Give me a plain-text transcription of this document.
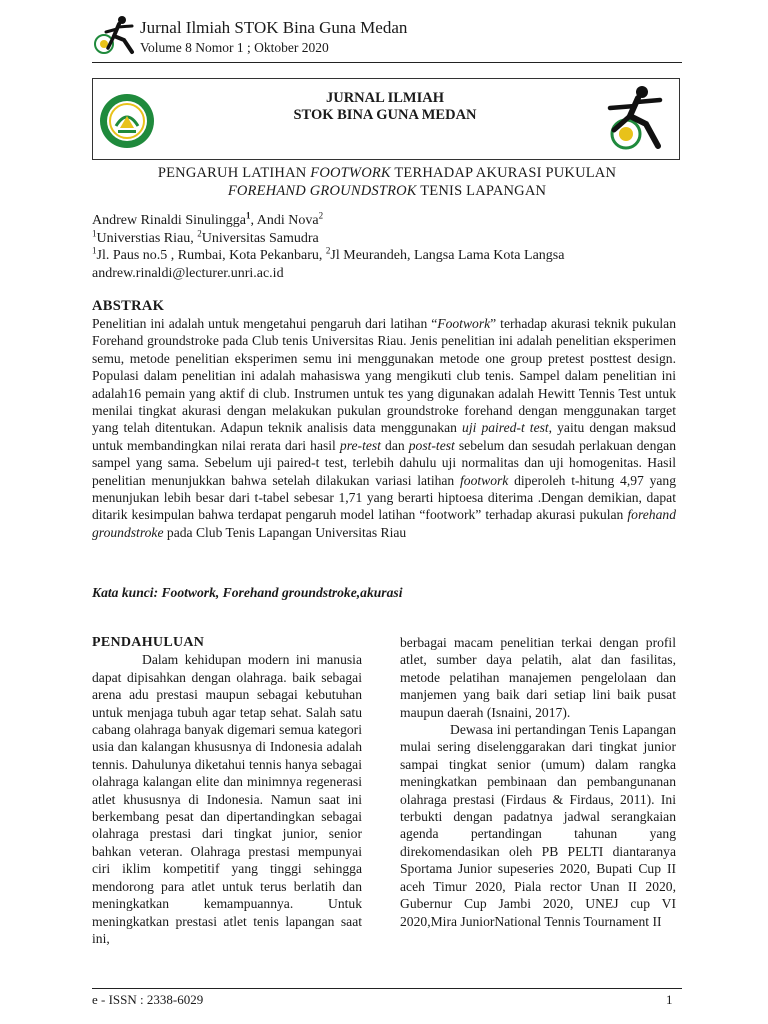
Jurnal Ilmiah STOK Bina Guna Medan
Volume 8 Nomor 1 ; Oktober 2020
JURNAL ILMIAH
STOK BINA GUNA MEDAN
PENGARUH LATIHAN FOOTWORK TERHADAP AKURASI PUKULAN
FOREHAND GROUNDSTROK TENIS LAPANGAN
Andrew Rinaldi Sinulingga$^1$, Andi Nova$^2$
$^1$Universtias Riau, $^2$Universitas Samudra
$^1$Jl. Paus no.5 , Rumbai, Kota Pekanbaru, $^2$Jl Meurandeh, Langsa Lama Kota Langsa
andrew.rinaldi@lecturer.unri.ac.id
ABSTRAK
Penelitian ini adalah untuk mengetahui pengaruh dari latihan “Footwork” terhadap akurasi teknik pukulan Forehand groundstroke pada Club tenis Universitas Riau. Jenis penelitian ini adalah penelitian eksperimen semu, metode penelitian eksperimen semu ini menggunakan metode one group pretest posttest design. Populasi dalam penelitian ini adalah mahasiswa yang mengikuti club tenis. Sampel dalam penelitian ini adalah16 pemain yang aktif di club. Instrumen untuk tes yang digunakan adalah Hewitt Tennis Test untuk menilai tingkat akurasi dengan melakukan pukulan groundstroke forehand dengan menggunakan target yang telah ditentukan. Adapun teknik analisis data menggunakan uji paired-t test, yaitu dengan maksud untuk membandingkan nilai rerata dari hasil pre-test dan post-test sebelum dan sesudah perlakuan dengan sampel yang sama. Sebelum uji paired-t test, terlebih dahulu uji normalitas dan uji homogenitas. Hasil penelitian menunjukkan bahwa setelah dilakukan variasi latihan footwork diperoleh t-hitung 4,97 yang menunjukan lebih besar dari t-tabel sebesar 1,71 yang berarti hiptoesa diterima .Dengan demikian, dapat ditarik kesimpulan bahwa terdapat pengaruh model latihan “footwork” terhadap akurasi pukulan forehand groundstroke pada Club Tenis Lapangan Universitas Riau
Kata kunci: Footwork, Forehand groundstroke,akurasi
PENDAHULUAN

Dalam kehidupan modern ini manusia dapat dipisahkan dengan olahraga. baik sebagai arena adu prestasi maupun sebagai kebutuhan untuk menjaga tubuh agar tetap sehat. Salah satu cabang olahraga banyak digemari semua kategori usia dan kalangan khususnya di Indonesia adalah tennis. Dahulunya diketahui tennis hanya sebagai olahraga kalangan elite dan minimnya regenerasi atlet khususnya di Indonesia. Namun saat ini berkembang pesat dan dipertandingkan sebagai olahraga prestasi dari tingkat junior, senior bahkan veteran. Olahraga prestasi mempunyai ciri iklim kompetitif yang tinggi sehingga mendorong para atlet untuk terus berlatih dan meningkatkan kemampuannya. Untuk meningkatkan prestasi atlet tenis lapangan saat ini,

berbagai macam penelitian terkai dengan profil atlet, sumber daya pelatih, alat dan fasilitas, metode pelatihan manajemen pengelolaan dan manjemen yang baik dari setiap lini baik pusat maupun daerah (Isnaini, 2017).

Dewasa ini pertandingan Tenis Lapangan mulai sering diselenggarakan dari tingkat junior sampai tingkat senior (umum) dalam rangka meningkatkan pembinaan dan pembangunanan olahraga prestasi (Firdaus & Firdaus, 2011). Ini terbukti dengan padatnya jadwal serangkaian agenda pertandingan tahunan yang direkomendasikan oleh PB PELTI diantaranya Sportama Junior supeseries 2020, Bupati Cup II aceh Timur 2020, Piala rector Unan II 2020, Gubernur Cup Jambi 2020, UNEJ cup VI 2020,Mira JuniorNational Tennis Tournament II

e - ISSN : 2338-6029	1
